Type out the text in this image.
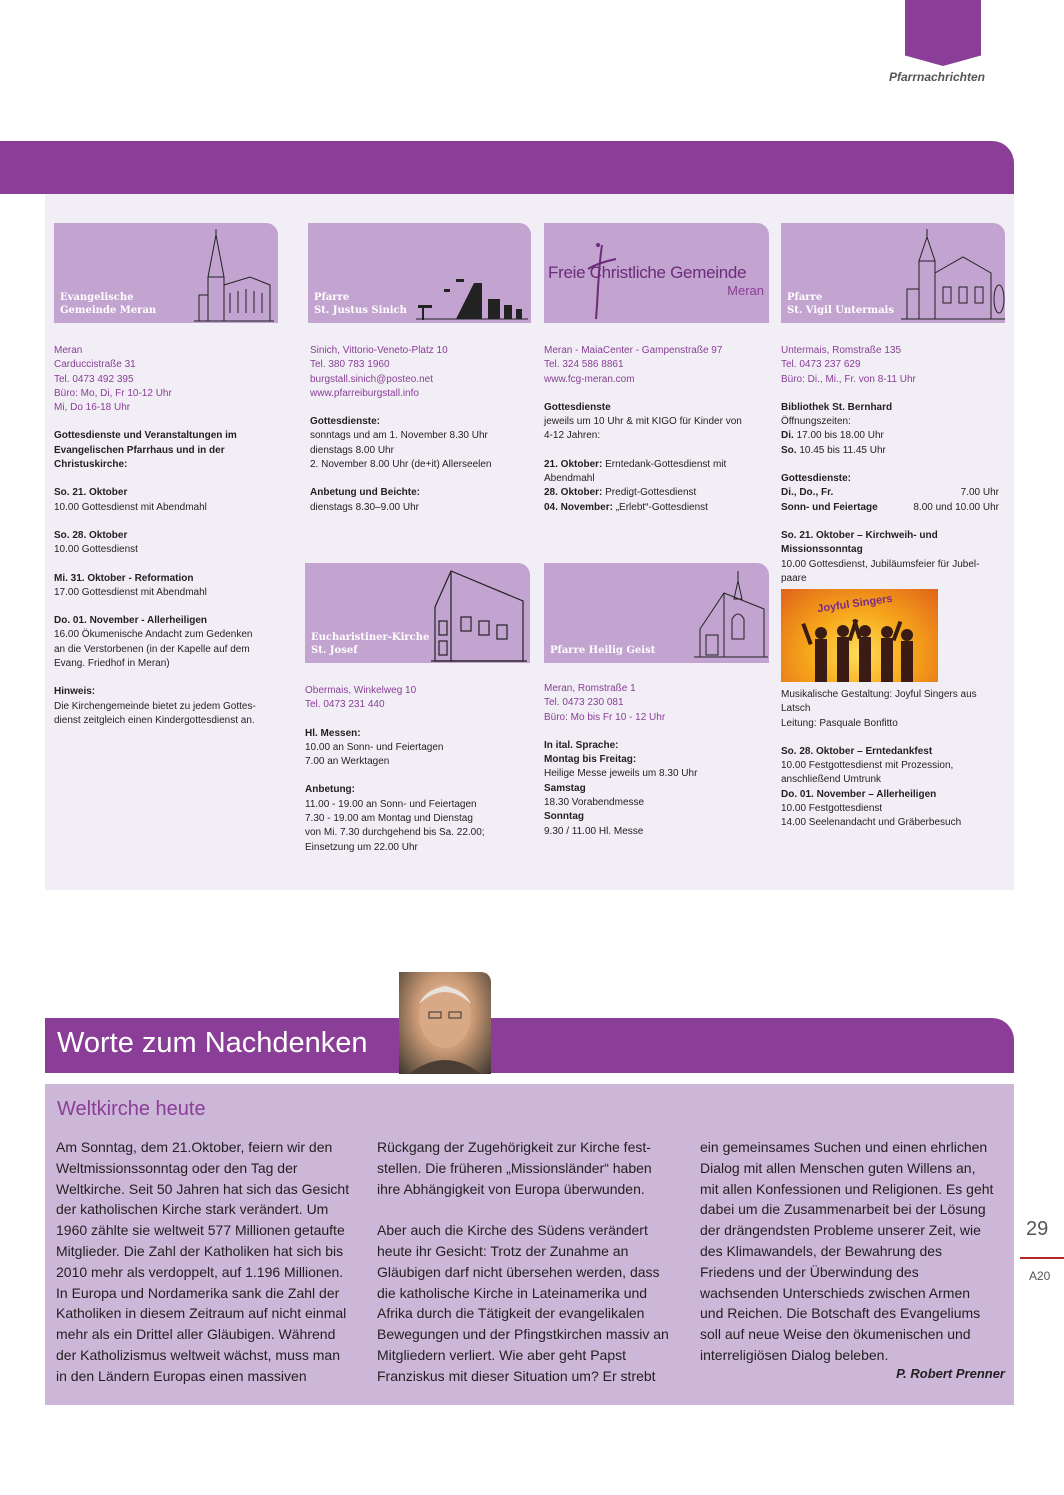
Pfarrnachrichten
Evangelische
Gemeinde Meran
Pfarre
St. Justus Sinich
Freie Christliche Gemeinde
Meran Pfarre
St. Vigil Untermais
Eucharistiner-Kirche
St. Josef	Pfarre Heilig Geist

Meran
Carduccistraße 31
Tel. 0473 492 395
Büro: Mo, Di, Fr 10-12 Uhr
Mi, Do 16-18 Uhr

Gottesdienste und Veranstaltungen im
Evangelischen Pfarrhaus und in der
Christuskirche:

So. 21. Oktober
10.00 Gottesdienst mit Abendmahl

So. 28. Oktober
10.00 Gottesdienst

Mi. 31. Oktober - Reformation
17.00 Gottesdienst mit Abendmahl

Do. 01. November - Allerheiligen
16.00 Ökumenische Andacht zum Gedenken
an die Verstorbenen (in der Kapelle auf dem
Evang. Friedhof in Meran)

Hinweis:
Die Kirchengemeinde bietet zu jedem Gottes-
dienst zeitgleich einen Kindergottesdienst an.

Sinich, Vittorio-Veneto-Platz 10
Tel. 380 783 1960
burgstall.sinich@posteo.net
www.pfarreiburgstall.info

Gottesdienste:
sonntags und am 1. November 8.30 Uhr
dienstags 8.00 Uhr
2. November 8.00 Uhr (de+it) Allerseelen

Anbetung und Beichte:
dienstags 8.30–9.00 Uhr

Meran - MaiaCenter - Gampenstraße 97
Tel. 324 586 8861
www.fcg-meran.com

Gottesdienste
jeweils um 10 Uhr & mit KIGO für Kinder von
4-12 Jahren:

21. Oktober: Erntedank-Gottesdienst mit
Abendmahl
28. Oktober: Predigt-Gottesdienst
04. November: „Erlebt“-Gottesdienst

Untermais, Romstraße 135
Tel. 0473 237 629
Büro: Di., Mi., Fr. von 8-11 Uhr

Bibliothek St. Bernhard
Öffnungszeiten:
Di. 17.00 bis 18.00 Uhr
So. 10.45 bis 11.45 Uhr

Gottesdienste:
Di., Do., Fr.	7.00 Uhr
Sonn- und Feiertage	8.00 und 10.00 Uhr

So. 21. Oktober – Kirchweih- und
Missionssonntag
10.00 Gottesdienst, Jubiläumsfeier für Jubel-
paare

Joyful Singers

Musikalische Gestaltung: Joyful Singers aus
Latsch
Leitung: Pasquale Bonfitto

So. 28. Oktober – Erntedankfest
10.00 Festgottesdienst mit Prozession,
anschließend Umtrunk
Do. 01. November – Allerheiligen
10.00 Festgottesdienst
14.00 Seelenandacht und Gräberbesuch

Obermais, Winkelweg 10
Tel. 0473 231 440

Hl. Messen:
10.00 an Sonn- und Feiertagen
7.00 an Werktagen

Anbetung:
11.00 - 19.00 an Sonn- und Feiertagen
7.30 - 19.00 am Montag und Dienstag
von Mi. 7.30 durchgehend bis Sa. 22.00;
Einsetzung um 22.00 Uhr

Meran, Romstraße 1
Tel. 0473 230 081
Büro: Mo bis Fr 10 - 12 Uhr

In ital. Sprache:
Montag bis Freitag:
Heilige Messe jeweils um 8.30 Uhr
Samstag
18.30 Vorabendmesse
Sonntag
9.30 / 11.00 Hl. Messe

Worte zum Nachdenken
Weltkirche heute
Am Sonntag, dem 21.Oktober, feiern wir den
Weltmissionssonntag oder den Tag der
Weltkirche. Seit 50 Jahren hat sich das Gesicht
der katholischen Kirche stark verändert. Um
1960 zählte sie weltweit 577 Millionen getaufte
Mitglieder. Die Zahl der Katholiken hat sich bis
2010 mehr als verdoppelt, auf 1.196 Millionen.
In Europa und Nordamerika sank die Zahl der
Katholiken in diesem Zeitraum auf nicht einmal
mehr als ein Drittel aller Gläubigen. Während
der Katholizismus weltweit wächst, muss man
in den Ländern Europas einen massiven
Rückgang der Zugehörigkeit zur Kirche fest-
stellen. Die früheren „Missionsländer“ haben
ihre Abhängigkeit von Europa überwunden.
Aber auch die Kirche des Südens verändert
heute ihr Gesicht: Trotz der Zunahme an
Gläubigen darf nicht übersehen werden, dass
die katholische Kirche in Lateinamerika und
Afrika durch die Tätigkeit der evangelikalen
Bewegungen und der Pfingstkirchen massiv an
Mitgliedern verliert. Wie aber geht Papst
Franziskus mit dieser Situation um? Er strebt
ein gemeinsames Suchen und einen ehrlichen
Dialog mit allen Menschen guten Willens an,
mit allen Konfessionen und Religionen. Es geht
dabei um die Zusammenarbeit bei der Lösung
der drängendsten Probleme unserer Zeit, wie
des Klimawandels, der Bewahrung des
Friedens und der Überwindung des
wachsenden Unterschieds zwischen Armen
und Reichen. Die Botschaft des Evangeliums
soll auf neue Weise den ökumenischen und
interreligiösen Dialog beleben.
P. Robert Prenner
29
A20
